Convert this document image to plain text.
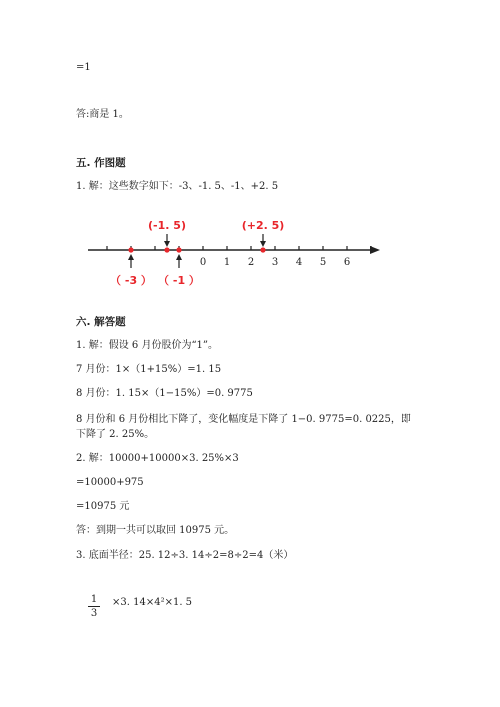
=1
答:商是 1。
五. 作图题
1. 解：这些数字如下：-3、-1. 5、-1、+2. 5
0 1 2 3 4 5 6
（ -3 ）
(-1. 5)
（ -1 ）
(+2. 5)
六. 解答题
1. 解：假设 6 月份股价为“1”。
7 月份：1×（1+15%）=1. 15
8 月份：1. 15×（1−15%）=0. 9775
8 月份和 6 月份相比下降了，变化幅度是下降了 1−0. 9775=0. 0225，即下降了 2. 25%。
2. 解：10000+10000×3. 25%×3
=10000+975
=10975 元
答：到期一共可以取回 10975 元。
3. 底面半径：25. 12÷3. 14÷2=8÷2=4（米）
$\frac{1}{3} \times 3$. 14×4²×1. 5
